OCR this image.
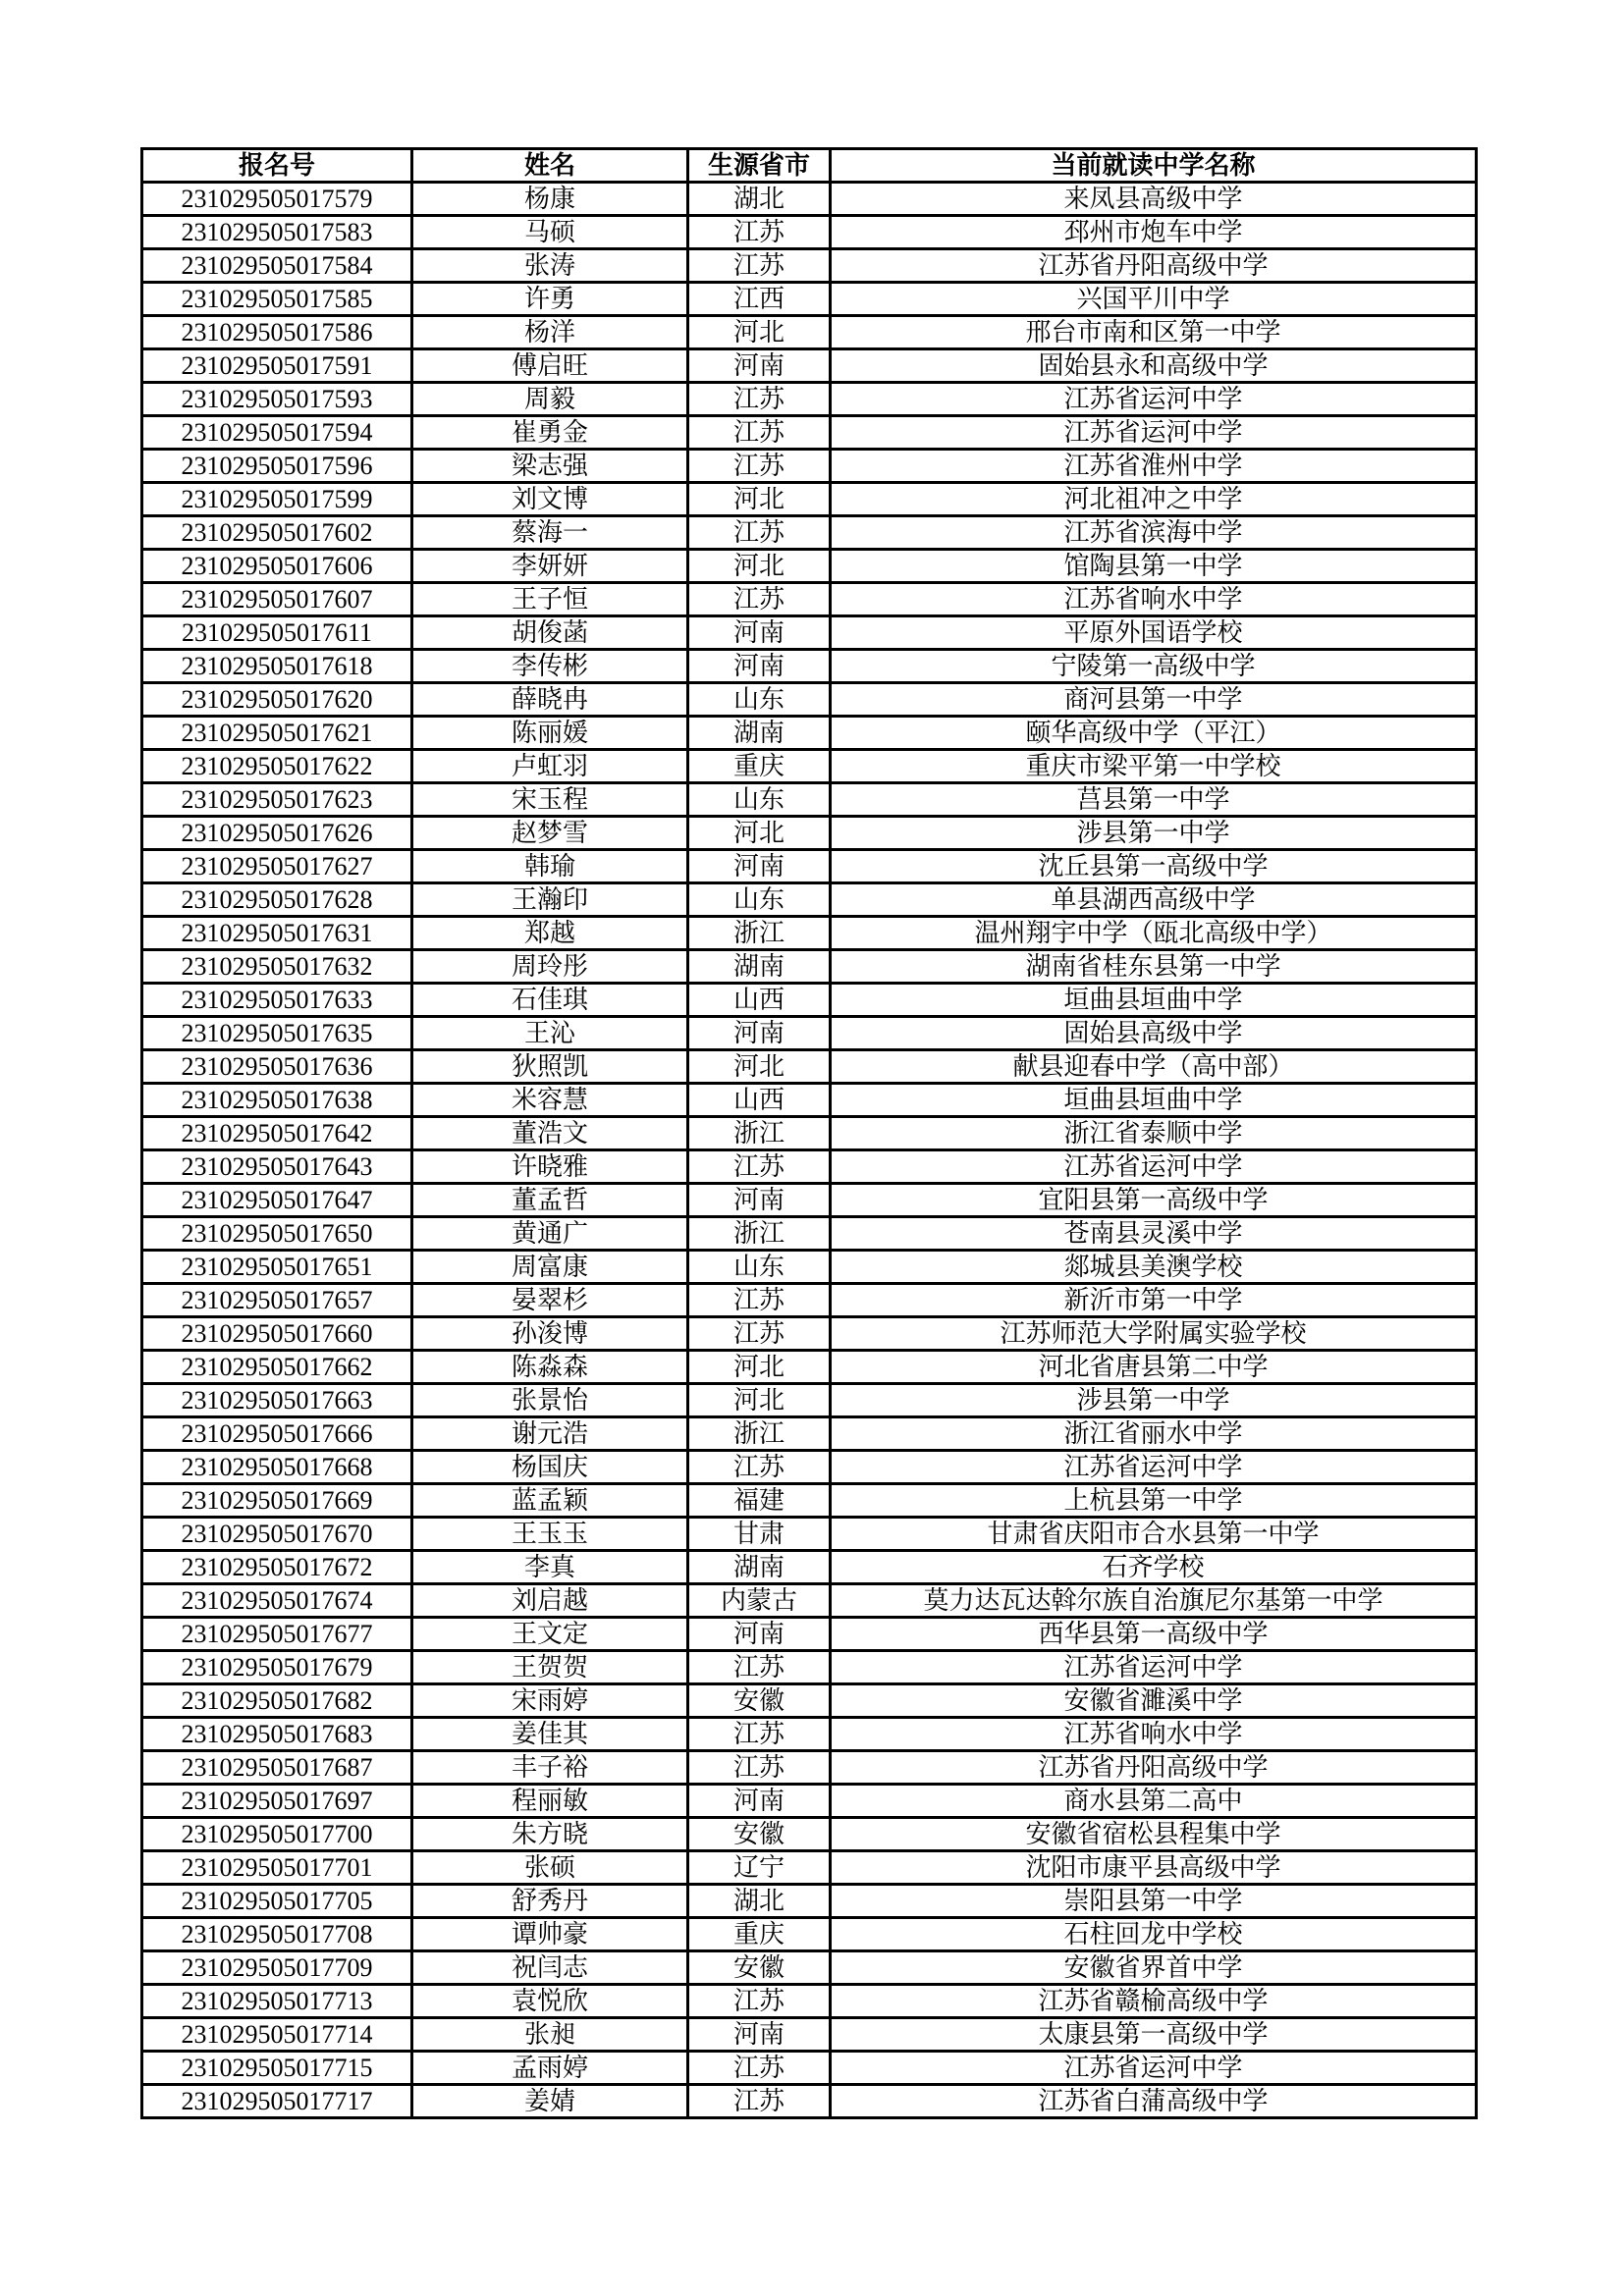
报名号	姓名	生源省市	当前就读中学名称
231029505017579	杨康	湖北	来凤县高级中学
231029505017583	马硕	江苏	邳州市炮车中学
231029505017584	张涛	江苏	江苏省丹阳高级中学
231029505017585	许勇	江西	兴国平川中学
231029505017586	杨洋	河北	邢台市南和区第一中学
231029505017591	傅启旺	河南	固始县永和高级中学
231029505017593	周毅	江苏	江苏省运河中学
231029505017594	崔勇金	江苏	江苏省运河中学
231029505017596	梁志强	江苏	江苏省淮州中学
231029505017599	刘文博	河北	河北祖冲之中学
231029505017602	蔡海一	江苏	江苏省滨海中学
231029505017606	李妍妍	河北	馆陶县第一中学
231029505017607	王子恒	江苏	江苏省响水中学
231029505017611	胡俊菡	河南	平原外国语学校
231029505017618	李传彬	河南	宁陵第一高级中学
231029505017620	薛晓冉	山东	商河县第一中学
231029505017621	陈丽媛	湖南	颐华高级中学（平江）
231029505017622	卢虹羽	重庆	重庆市梁平第一中学校
231029505017623	宋玉程	山东	莒县第一中学
231029505017626	赵梦雪	河北	涉县第一中学
231029505017627	韩瑜	河南	沈丘县第一高级中学
231029505017628	王瀚印	山东	单县湖西高级中学
231029505017631	郑越	浙江	温州翔宇中学（瓯北高级中学）
231029505017632	周玲彤	湖南	湖南省桂东县第一中学
231029505017633	石佳琪	山西	垣曲县垣曲中学
231029505017635	王沁	河南	固始县高级中学
231029505017636	狄照凯	河北	献县迎春中学（高中部）
231029505017638	米容慧	山西	垣曲县垣曲中学
231029505017642	董浩文	浙江	浙江省泰顺中学
231029505017643	许晓雅	江苏	江苏省运河中学
231029505017647	董孟哲	河南	宜阳县第一高级中学
231029505017650	黄通广	浙江	苍南县灵溪中学
231029505017651	周富康	山东	郯城县美澳学校
231029505017657	晏翠杉	江苏	新沂市第一中学
231029505017660	孙浚博	江苏	江苏师范大学附属实验学校
231029505017662	陈淼森	河北	河北省唐县第二中学
231029505017663	张景怡	河北	涉县第一中学
231029505017666	谢元浩	浙江	浙江省丽水中学
231029505017668	杨国庆	江苏	江苏省运河中学
231029505017669	蓝孟颖	福建	上杭县第一中学
231029505017670	王玉玉	甘肃	甘肃省庆阳市合水县第一中学
231029505017672	李真	湖南	石齐学校
231029505017674	刘启越	内蒙古	莫力达瓦达斡尔族自治旗尼尔基第一中学
231029505017677	王文定	河南	西华县第一高级中学
231029505017679	王贺贺	江苏	江苏省运河中学
231029505017682	宋雨婷	安徽	安徽省濉溪中学
231029505017683	姜佳其	江苏	江苏省响水中学
231029505017687	丰子裕	江苏	江苏省丹阳高级中学
231029505017697	程丽敏	河南	商水县第二高中
231029505017700	朱方晓	安徽	安徽省宿松县程集中学
231029505017701	张硕	辽宁	沈阳市康平县高级中学
231029505017705	舒秀丹	湖北	崇阳县第一中学
231029505017708	谭帅豪	重庆	石柱回龙中学校
231029505017709	祝闫志	安徽	安徽省界首中学
231029505017713	袁悦欣	江苏	江苏省赣榆高级中学
231029505017714	张昶	河南	太康县第一高级中学
231029505017715	孟雨婷	江苏	江苏省运河中学
231029505017717	姜婧	江苏	江苏省白蒲高级中学
